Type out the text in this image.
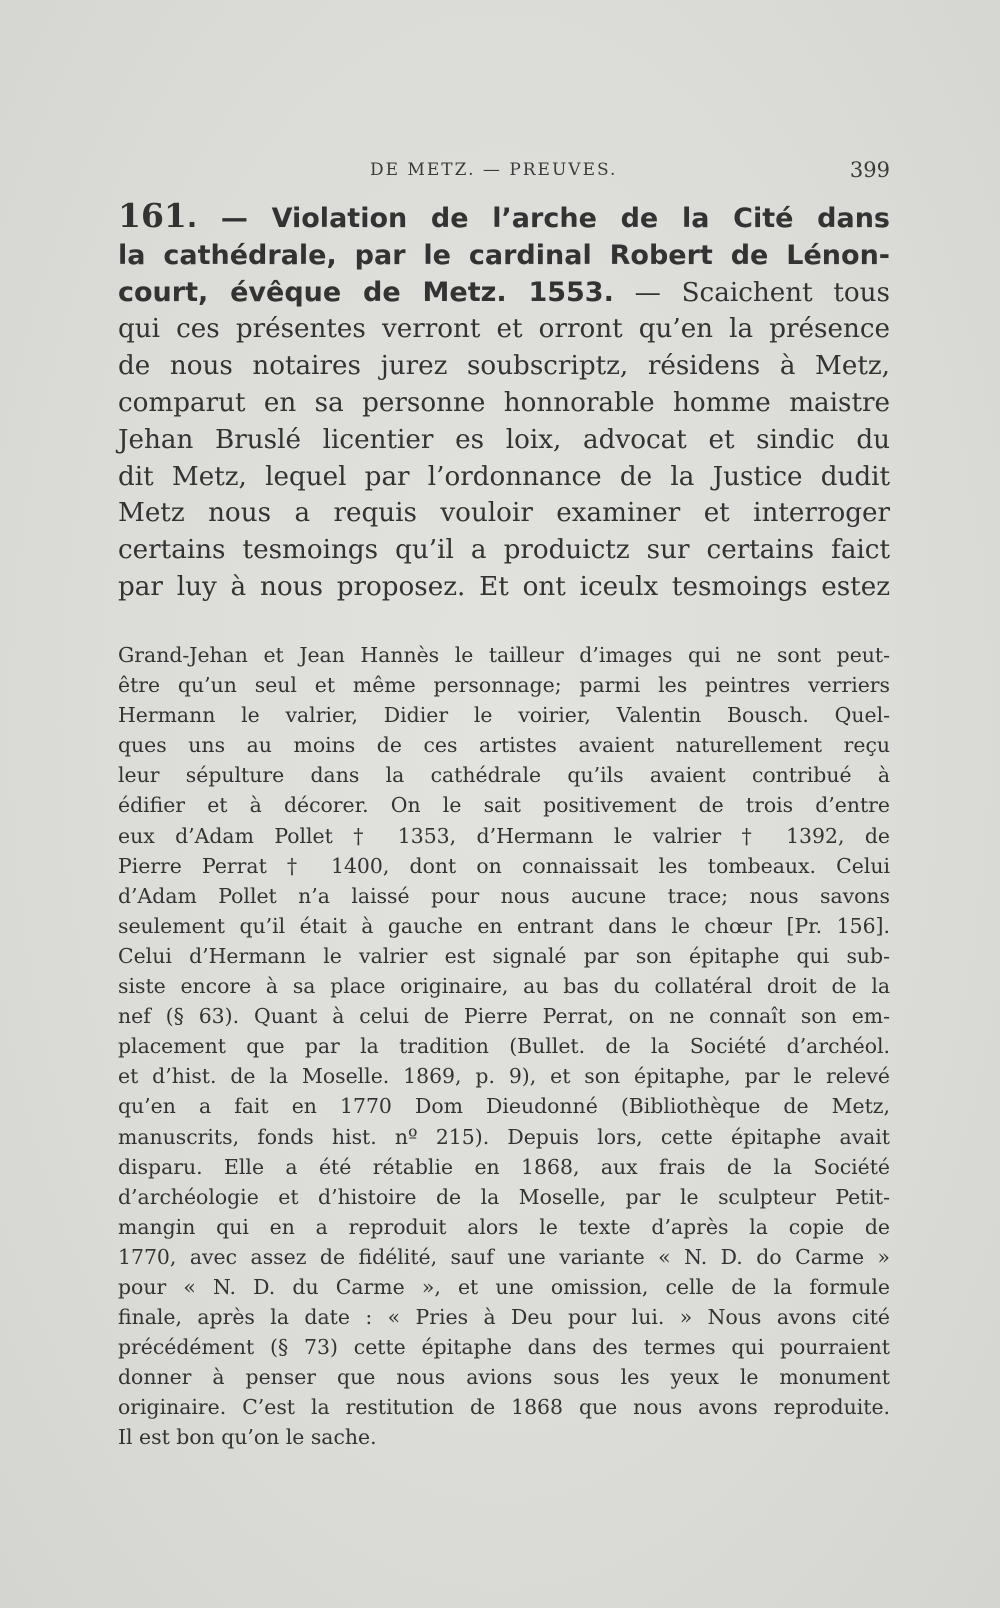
DE METZ. — PREUVES.	399
161. — Violation de l’arche de la Cité dans
la cathédrale, par le cardinal Robert de Lénon-
court, évêque de Metz. 1553. — Scaichent tous
qui ces présentes verront et orront qu’en la présence
de nous notaires jurez soubscriptz, résidens à Metz,
comparut en sa personne honnorable homme maistre
Jehan Bruslé licentier es loix, advocat et sindic du
dit Metz, lequel par l’ordonnance de la Justice dudit
Metz nous a requis vouloir examiner et interroger
certains tesmoings qu’il a produictz sur certains faict
par luy à nous proposez. Et ont iceulx tesmoings estez
Grand-Jehan et Jean Hannès le tailleur d’images qui ne sont peut-
être qu’un seul et même personnage; parmi les peintres verriers
Hermann le valrier, Didier le voirier, Valentin Bousch. Quel-
ques uns au moins de ces artistes avaient naturellement reçu
leur sépulture dans la cathédrale qu’ils avaient contribué à
édifier et à décorer. On le sait positivement de trois d’entre
eux d’Adam Pollet † 1353, d’Hermann le valrier † 1392, de
Pierre Perrat † 1400, dont on connaissait les tombeaux. Celui
d’Adam Pollet n’a laissé pour nous aucune trace; nous savons
seulement qu’il était à gauche en entrant dans le chœur [Pr. 156].
Celui d’Hermann le valrier est signalé par son épitaphe qui sub-
siste encore à sa place originaire, au bas du collatéral droit de la
nef (§ 63). Quant à celui de Pierre Perrat, on ne connaît son em-
placement que par la tradition (Bullet. de la Société d’archéol.
et d’hist. de la Moselle. 1869, p. 9), et son épitaphe, par le relevé
qu’en a fait en 1770 Dom Dieudonné (Bibliothèque de Metz,
manuscrits, fonds hist. nº 215). Depuis lors, cette épitaphe avait
disparu. Elle a été rétablie en 1868, aux frais de la Société
d’archéologie et d’histoire de la Moselle, par le sculpteur Petit-
mangin qui en a reproduit alors le texte d’après la copie de
1770, avec assez de fidélité, sauf une variante « N. D. do Carme »
pour « N. D. du Carme », et une omission, celle de la formule
finale, après la date : « Pries à Deu pour lui. » Nous avons cité
précédément (§ 73) cette épitaphe dans des termes qui pourraient
donner à penser que nous avions sous les yeux le monument
originaire. C’est la restitution de 1868 que nous avons reproduite.
Il est bon qu’on le sache.
